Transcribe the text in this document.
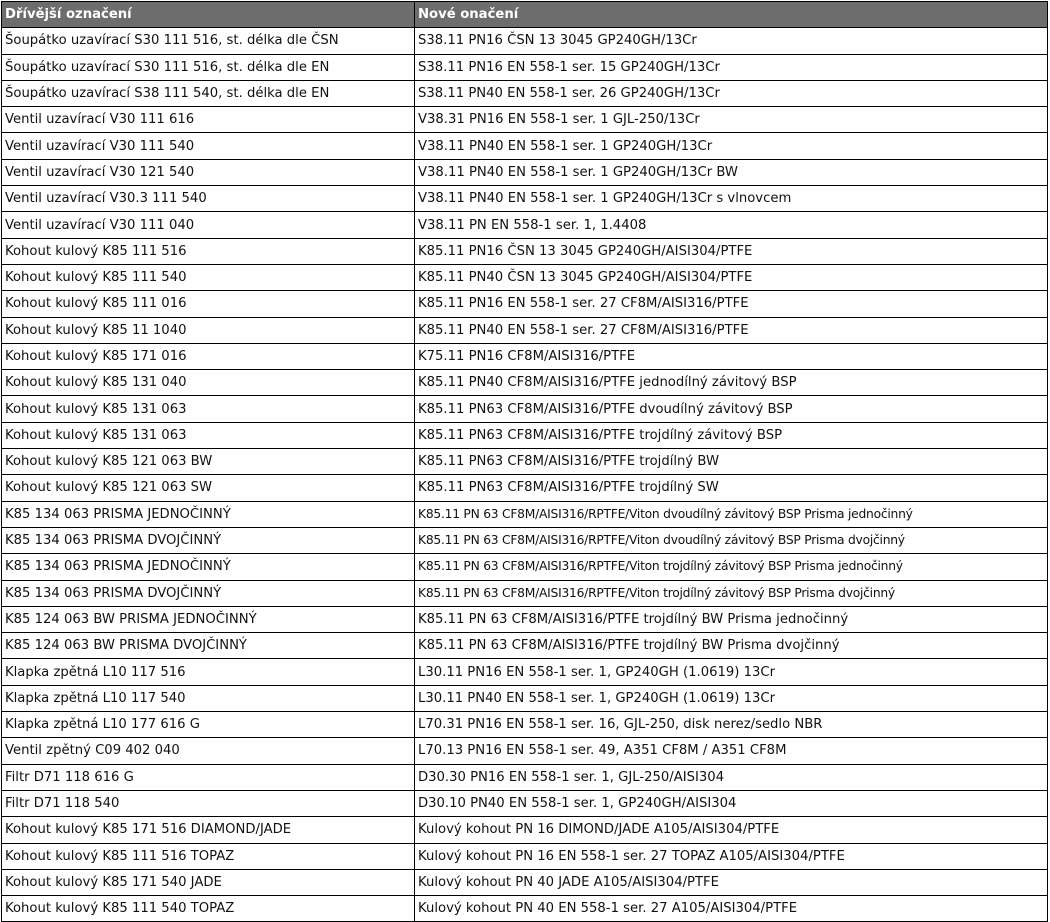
Dřívější označení	Nové onačení
Šoupátko uzavírací S30 111 516, st. délka dle ČSN	S38.11 PN16 ČSN 13 3045 GP240GH/13Cr
Šoupátko uzavírací S30 111 516, st. délka dle EN	S38.11 PN16 EN 558-1 ser. 15 GP240GH/13Cr
Šoupátko uzavírací S38 111 540, st. délka dle EN	S38.11 PN40 EN 558-1 ser. 26 GP240GH/13Cr
Ventil uzavírací V30 111 616	V38.31 PN16 EN 558-1 ser. 1 GJL-250/13Cr
Ventil uzavírací V30 111 540	V38.11 PN40 EN 558-1 ser. 1 GP240GH/13Cr
Ventil uzavírací V30 121 540	V38.11 PN40 EN 558-1 ser. 1 GP240GH/13Cr BW
Ventil uzavírací V30.3 111 540	V38.11 PN40 EN 558-1 ser. 1 GP240GH/13Cr s vlnovcem
Ventil uzavírací V30 111 040	V38.11 PN EN 558-1 ser. 1, 1.4408
Kohout kulový K85 111 516	K85.11 PN16 ČSN 13 3045 GP240GH/AISI304/PTFE
Kohout kulový K85 111 540	K85.11 PN40 ČSN 13 3045 GP240GH/AISI304/PTFE
Kohout kulový K85 111 016	K85.11 PN16 EN 558-1 ser. 27 CF8M/AISI316/PTFE
Kohout kulový K85 11 1040	K85.11 PN40 EN 558-1 ser. 27 CF8M/AISI316/PTFE
Kohout kulový K85 171 016	K75.11 PN16 CF8M/AISI316/PTFE
Kohout kulový K85 131 040	K85.11 PN40 CF8M/AISI316/PTFE jednodílný závitový BSP
Kohout kulový K85 131 063	K85.11 PN63 CF8M/AISI316/PTFE dvoudílný závitový BSP
Kohout kulový K85 131 063	K85.11 PN63 CF8M/AISI316/PTFE trojdílný závitový BSP
Kohout kulový K85 121 063 BW	K85.11 PN63 CF8M/AISI316/PTFE trojdílný BW
Kohout kulový K85 121 063 SW	K85.11 PN63 CF8M/AISI316/PTFE trojdílný SW
K85 134 063 PRISMA JEDNOČINNÝ	K85.11 PN 63 CF8M/AISI316/RPTFE/Viton dvoudílný závitový BSP Prisma jednočinný
K85 134 063 PRISMA DVOJČINNÝ	K85.11 PN 63 CF8M/AISI316/RPTFE/Viton dvoudílný závitový BSP Prisma dvojčinný
K85 134 063 PRISMA JEDNOČINNÝ	K85.11 PN 63 CF8M/AISI316/RPTFE/Viton trojdílný závitový BSP Prisma jednočinný
K85 134 063 PRISMA DVOJČINNÝ	K85.11 PN 63 CF8M/AISI316/RPTFE/Viton trojdílný závitový BSP Prisma dvojčinný
K85 124 063 BW PRISMA JEDNOČINNÝ	K85.11 PN 63 CF8M/AISI316/PTFE trojdílný BW Prisma jednočinný
K85 124 063 BW PRISMA DVOJČINNÝ	K85.11 PN 63 CF8M/AISI316/PTFE trojdílný BW Prisma dvojčinný
Klapka zpětná L10 117 516	L30.11 PN16 EN 558-1 ser. 1, GP240GH (1.0619) 13Cr
Klapka zpětná L10 117 540	L30.11 PN40 EN 558-1 ser. 1, GP240GH (1.0619) 13Cr
Klapka zpětná L10 177 616 G	L70.31 PN16 EN 558-1 ser. 16, GJL-250, disk nerez/sedlo NBR
Ventil zpětný C09 402 040	L70.13 PN16 EN 558-1 ser. 49, A351 CF8M / A351 CF8M
Filtr D71 118 616 G	D30.30 PN16 EN 558-1 ser. 1, GJL-250/AISI304
Filtr D71 118 540	D30.10 PN40 EN 558-1 ser. 1, GP240GH/AISI304
Kohout kulový K85 171 516 DIAMOND/JADE	Kulový kohout PN 16 DIMOND/JADE A105/AISI304/PTFE
Kohout kulový K85 111 516 TOPAZ	Kulový kohout PN 16 EN 558-1 ser. 27 TOPAZ A105/AISI304/PTFE
Kohout kulový K85 171 540 JADE	Kulový kohout PN 40 JADE A105/AISI304/PTFE
Kohout kulový K85 111 540 TOPAZ	Kulový kohout PN 40 EN 558-1 ser. 27 A105/AISI304/PTFE
